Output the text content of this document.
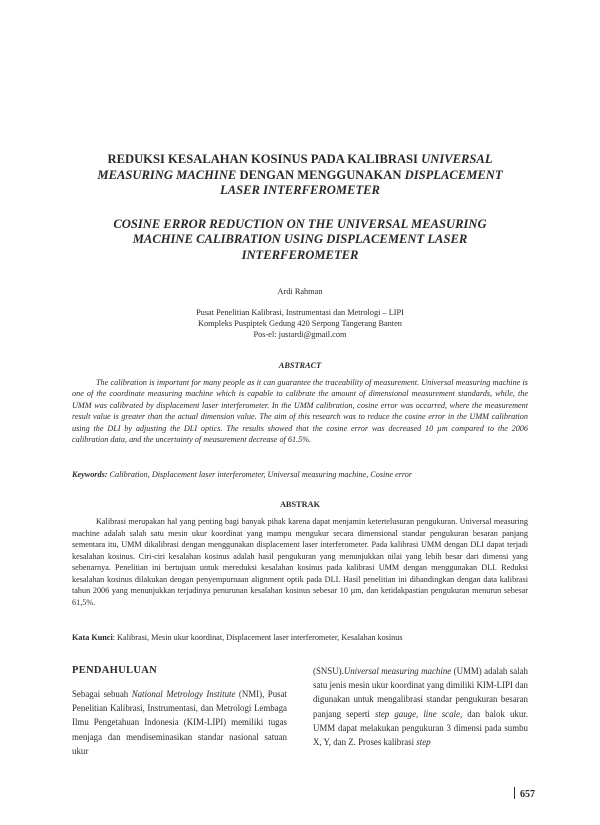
REDUKSI KESALAHAN KOSINUS PADA KALIBRASI UNIVERSAL
MEASURING MACHINE DENGAN MENGGUNAKAN DISPLACEMENT
LASER INTERFEROMETER

COSINE ERROR REDUCTION ON THE UNIVERSAL MEASURING
MACHINE CALIBRATION USING DISPLACEMENT LASER
INTERFEROMETER

Ardi Rahman
Pusat Penelitian Kalibrasi, Instrumentasi dan Metrologi – LIPI
Kompleks Puspiptek Gedung 420 Serpong Tangerang Banten
Pos-el: justardi@gmail.com
ABSTRACT

The calibration is important for many people as it can guarantee the traceability of measurement. Universal measuring machine is one of the coordinate measuring machine which is capable to calibrate the amount of dimensional measurement standards, while, the UMM was calibrated by displacement laser interferometer. In the UMM calibration, cosine error was occurred, where the measurement result value is greater than the actual dimension value. The aim of this research was to reduce the cosine error in the UMM calibration using the DLI by adjusting the DLI optics. The results showed that the cosine error was decreased 10 µm compared to the 2006 calibration data, and the uncertainty of measurement decrease of 61.5%.

Keywords: Calibration, Displacement laser interferometer, Universal measuring machine, Cosine error
ABSTRAK

Kalibrasi merupakan hal yang penting bagi banyak pihak karena dapat menjamin ketertelusuran pengukuran. Universal measuring machine adalah salah satu mesin ukur koordinat yang mampu mengukur secara dimensional standar pengukuran besaran panjang sementara itu, UMM dikalibrasi dengan menggunakan displacement laser interferometer. Pada kalibrasi UMM dengan DLI dapat terjadi kesalahan kosinus. Ciri-ciri kesalahan kosinus adalah hasil pengukuran yang menunjukkan nilai yang lebih besar dari dimensi yang sebenarnya. Penelitian ini bertujuan untuk mereduksi kesalahan kosinus pada kalibrasi UMM dengan menggunakan DLI. Reduksi kesalahan kosinus dilakukan dengan penyempurnaan alignment optik pada DLI. Hasil penelitian ini dibandingkan dengan data kalibrasi tahun 2006 yang menunjukkan terjadinya penurunan kesalahan kosinus sebesar 10 µm, dan ketidakpastian pengukuran menurun sebesar 61,5%.

Kata Kunci: Kalibrasi, Mesin ukur koordinat, Displacement laser interferometer, Kesalahan kosinus
PENDAHULUAN

Sebagai sebuah National Metrology Institute (NMI), Pusat Penelitian Kalibrasi, Instrumentasi, dan Metrologi Lembaga Ilmu Pengetahuan Indonesia (KIM-LIPI) memiliki tugas menjaga dan mendiseminasikan standar nasional satuan ukur

(SNSU).Universal measuring machine (UMM) adalah salah satu jenis mesin ukur koordinat yang dimiliki KIM-LIPI dan digunakan untuk mengalibrasi standar pengukuran besaran panjang seperti step gauge, line scale, dan balok ukur. UMM dapat melakukan pengukuran 3 dimensi pada sumbu X, Y, dan Z. Proses kalibrasi step

657
